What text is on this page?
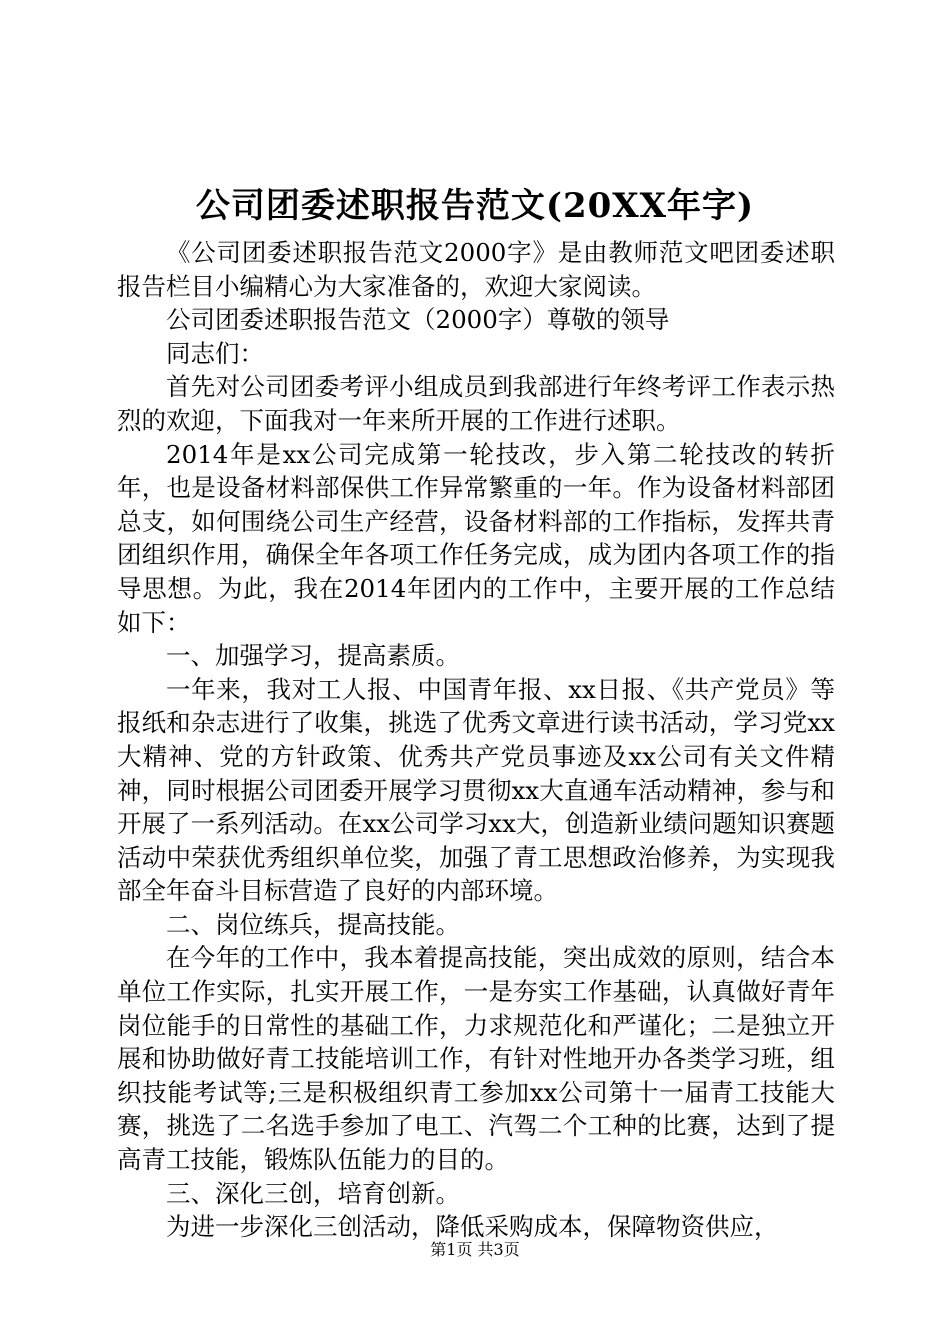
公司团委述职报告范文(20XX年字)

《公司团委述职报告范文2000字》是由教师范文吧团委述职报告栏目小编精心为大家准备的，欢迎大家阅读。

公司团委述职报告范文（2000字）尊敬的领导

同志们：

首先对公司团委考评小组成员到我部进行年终考评工作表示热烈的欢迎，下面我对一年来所开展的工作进行述职。

2014年是xx公司完成第一轮技改，步入第二轮技改的转折年，也是设备材料部保供工作异常繁重的一年。作为设备材料部团总支，如何围绕公司生产经营，设备材料部的工作指标，发挥共青团组织作用，确保全年各项工作任务完成，成为团内各项工作的指导思想。为此，我在2014年团内的工作中，主要开展的工作总结如下：

一、加强学习，提高素质。

一年来，我对工人报、中国青年报、xx日报、《共产党员》等报纸和杂志进行了收集，挑选了优秀文章进行读书活动，学习党xx大精神、党的方针政策、优秀共产党员事迹及xx公司有关文件精神，同时根据公司团委开展学习贯彻xx大直通车活动精神，参与和开展了一系列活动。在xx公司学习xx大，创造新业绩问题知识赛题活动中荣获优秀组织单位奖，加强了青工思想政治修养，为实现我部全年奋斗目标营造了良好的内部环境。

二、岗位练兵，提高技能。

在今年的工作中，我本着提高技能，突出成效的原则，结合本单位工作实际，扎实开展工作，一是夯实工作基础，认真做好青年岗位能手的日常性的基础工作，力求规范化和严谨化；二是独立开展和协助做好青工技能培训工作，有针对性地开办各类学习班，组织技能考试等;三是积极组织青工参加xx公司第十一届青工技能大赛，挑选了二名选手参加了电工、汽驾二个工种的比赛，达到了提高青工技能，锻炼队伍能力的目的。

三、深化三创，培育创新。

为进一步深化三创活动，降低采购成本，保障物资供应，

第1页 共3页
